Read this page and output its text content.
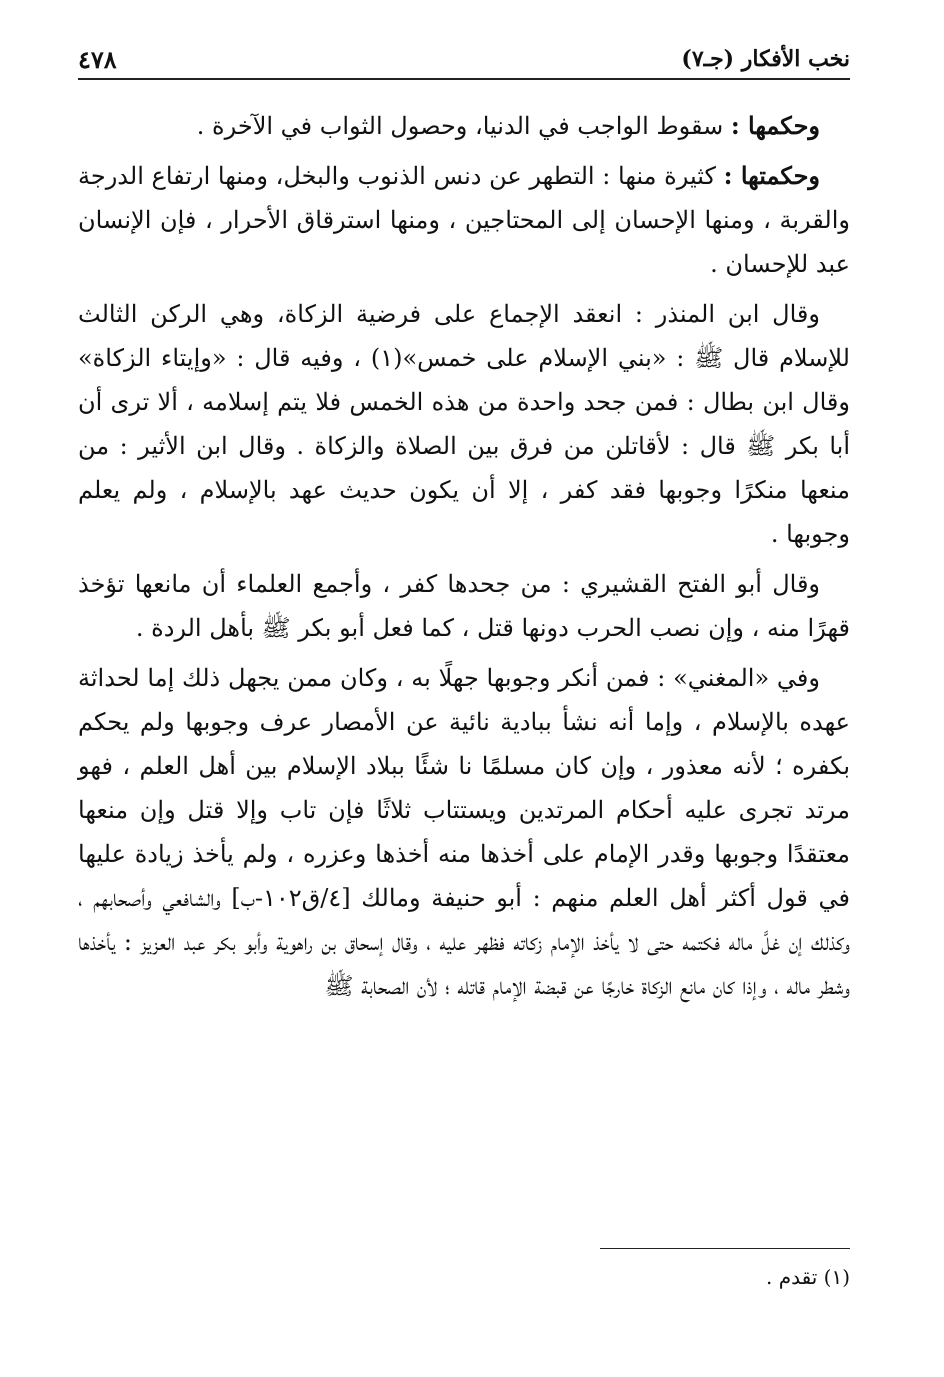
نخب الأفكار (جـ٧)
٤٧٨

وحكمها : سقوط الواجب في الدنيا، وحصول الثواب في الآخرة .

وحكمتها : كثيرة منها : التطهر عن دنس الذنوب والبخل، ومنها ارتفاع الدرجة والقربة ، ومنها الإحسان إلى المحتاجين ، ومنها استرقاق الأحرار ، فإن الإنسان عبد للإحسان .

وقال ابن المنذر : انعقد الإجماع على فرضية الزكاة، وهي الركن الثالث للإسلام قال ﷺ : «بني الإسلام على خمس»(١) ، وفيه قال : «وإيتاء الزكاة» وقال ابن بطال : فمن جحد واحدة من هذه الخمس فلا يتم إسلامه ، ألا ترى أن أبا بكر ﷺ قال : لأقاتلن من فرق بين الصلاة والزكاة . وقال ابن الأثير : من منعها منكرًا وجوبها فقد كفر ، إلا أن يكون حديث عهد بالإسلام ، ولم يعلم وجوبها .

وقال أبو الفتح القشيري : من جحدها كفر ، وأجمع العلماء أن مانعها تؤخذ قهرًا منه ، وإن نصب الحرب دونها قتل ، كما فعل أبو بكر ﷺ بأهل الردة .

وفي «المغني» : فمن أنكر وجوبها جهلًا به ، وكان ممن يجهل ذلك إما لحداثة عهده بالإسلام ، وإما أنه نشأ ببادية نائية عن الأمصار عرف وجوبها ولم يحكم بكفره ؛ لأنه معذور ، وإن كان مسلمًا نا شئًا ببلاد الإسلام بين أهل العلم ، فهو مرتد تجرى عليه أحكام المرتدين ويستتاب ثلاثًا فإن تاب وإلا قتل وإن منعها معتقدًا وجوبها وقدر الإمام على أخذها منه أخذها وعزره ، ولم يأخذ زيادة عليها في قول أكثر أهل العلم منهم : أبو حنيفة ومالك [٤/ق١٠٢-ب] والشافعي وأصحابهم ، وكذلك إن غلَّ ماله فكتمه حتى لا يأخذ الإمام زكاته فظهر عليه ، وقال إسحاق بن راهوية وأبو بكر عبد العزيز : يأخذها وشطر ماله ، وإذا كان مانع الزكاة خارجًا عن قبضة الإمام قاتله ؛ لأن الصحابة ﷺ

(١) تقدم .
